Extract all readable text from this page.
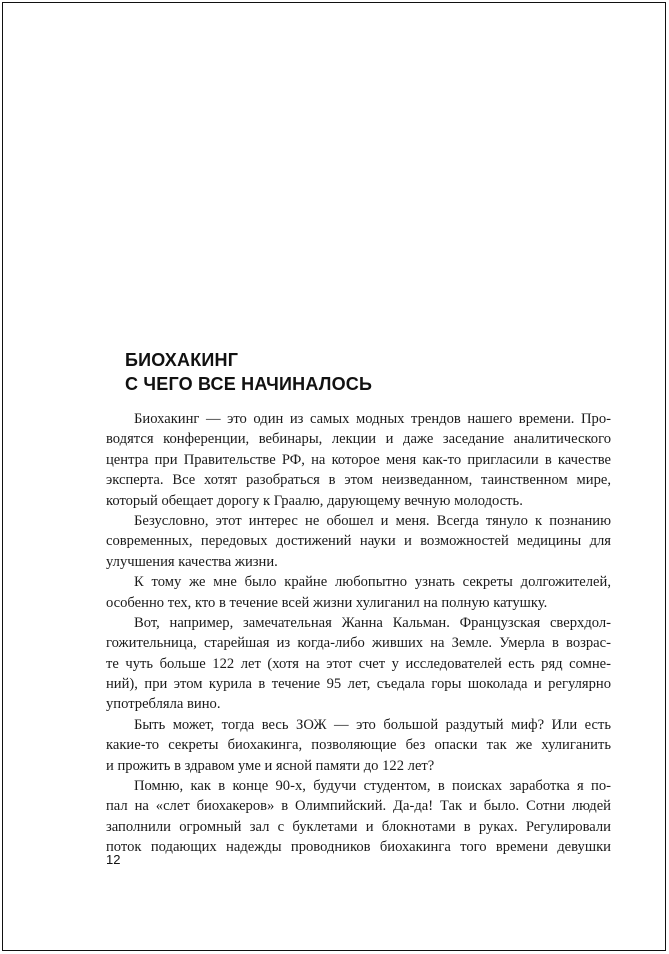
БИОХАКИНГ
С ЧЕГО ВСЕ НАЧИНАЛОСЬ
Биохакинг — это один из самых модных трендов нашего времени. Про-
водятся конференции, вебинары, лекции и даже заседание аналитического
центра при Правительстве РФ, на которое меня как-то пригласили в качестве
эксперта. Все хотят разобраться в этом неизведанном, таинственном мире,
который обещает дорогу к Граалю, дарующему вечную молодость.
Безусловно, этот интерес не обошел и меня. Всегда тянуло к познанию
современных, передовых достижений науки и возможностей медицины для
улучшения качества жизни.
К тому же мне было крайне любопытно узнать секреты долгожителей,
особенно тех, кто в течение всей жизни хулиганил на полную катушку.
Вот, например, замечательная Жанна Кальман. Французская сверхдол-
гожительница, старейшая из когда-либо живших на Земле. Умерла в возрас-
те чуть больше 122 лет (хотя на этот счет у исследователей есть ряд сомне-
ний), при этом курила в течение 95 лет, съедала горы шоколада и регулярно
употребляла вино.
Быть может, тогда весь ЗОЖ — это большой раздутый миф? Или есть
какие-то секреты биохакинга, позволяющие без опаски так же хулиганить
и прожить в здравом уме и ясной памяти до 122 лет?
Помню, как в конце 90-х, будучи студентом, в поисках заработка я по-
пал на «слет биохакеров» в Олимпийский. Да-да! Так и было. Сотни людей
заполнили огромный зал с буклетами и блокнотами в руках. Регулировали
поток подающих надежды проводников биохакинга того времени девушки
12
